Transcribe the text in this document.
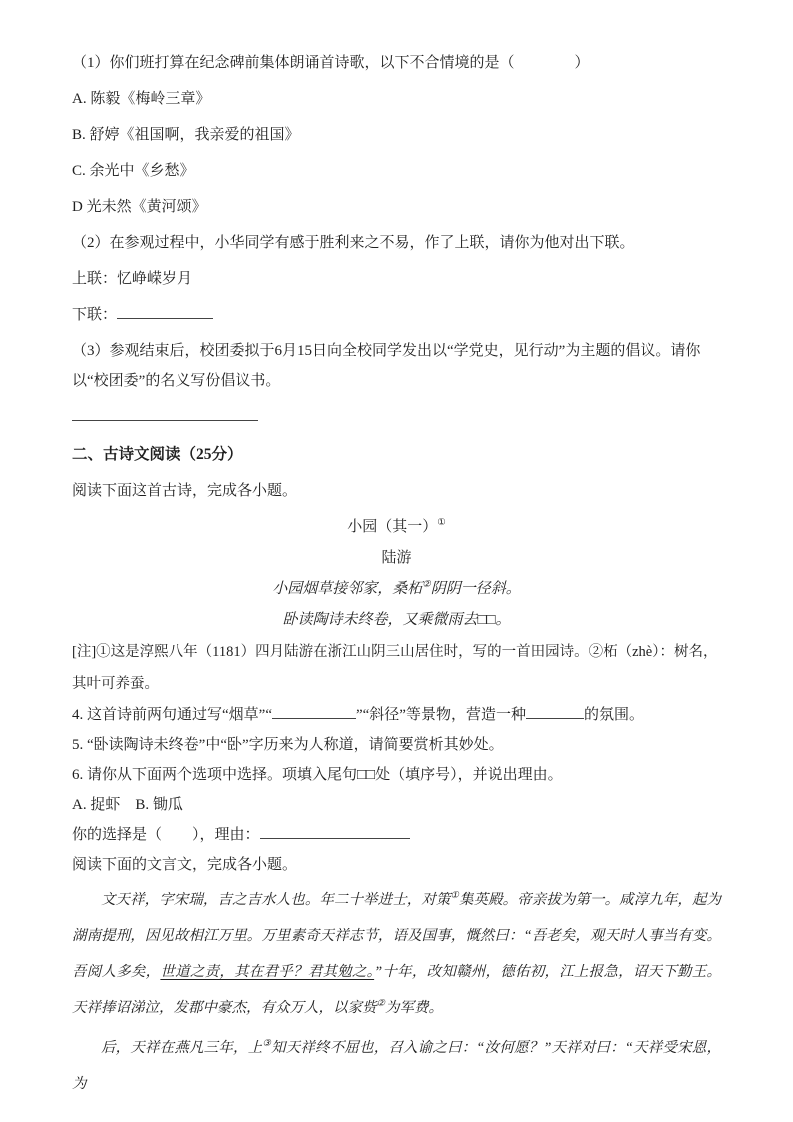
（1）你们班打算在纪念碑前集体朗诵首诗歌，以下不合情境的是（　　　　）

A. 陈毅《梅岭三章》

B. 舒婷《祖国啊，我亲爱的祖国》

C. 余光中《乡愁》

D 光未然《黄河颂》

（2）在参观过程中，小华同学有感于胜利来之不易，作了上联，请你为他对出下联。

上联：忆峥嵘岁月

下联：

（3）参观结束后，校团委拟于6月15日向全校同学发出以“学党史，见行动”为主题的倡议。请你以“校团委”的名义写份倡议书。

二、古诗文阅读（25分）

阅读下面这首古诗，完成各小题。

小园（其一）①

陆游

小园烟草接邻家，桑柘②阴阴一径斜。

卧读陶诗未终卷，又乘微雨去□□。

[注]①这是淳熙八年（1181）四月陆游在浙江山阴三山居住时，写的一首田园诗。②柘（zhè）：树名，其叶可养蚕。

4. 这首诗前两句通过写“烟草”“	”“斜径”等景物，营造一种	的氛围。

5. “卧读陶诗未终卷”中“卧”字历来为人称道，请简要赏析其妙处。

6. 请你从下面两个选项中选择。项填入尾句□□处（填序号），并说出理由。

A. 捉虾　B. 锄瓜

你的选择是（　　），理由：

阅读下面的文言文，完成各小题。

文天祥，字宋瑞，吉之吉水人也。年二十举进士，对策①集英殿。帝亲拔为第一。咸淳九年，起为湖南提刑，因见故相江万里。万里素奇天祥志节，语及国事，慨然曰：“吾老矣，观天时人事当有变。吾阅人多矣，世道之责，其在君乎？君其勉之。”十年，改知赣州，德佑初，江上报急，诏天下勤王。天祥捧诏涕泣，发郡中豪杰，有众万人，以家赀②为军费。

后，天祥在燕凡三年，上③知天祥终不屈也，召入谕之曰：“汝何愿？”天祥对曰：“天祥受宋恩，为
